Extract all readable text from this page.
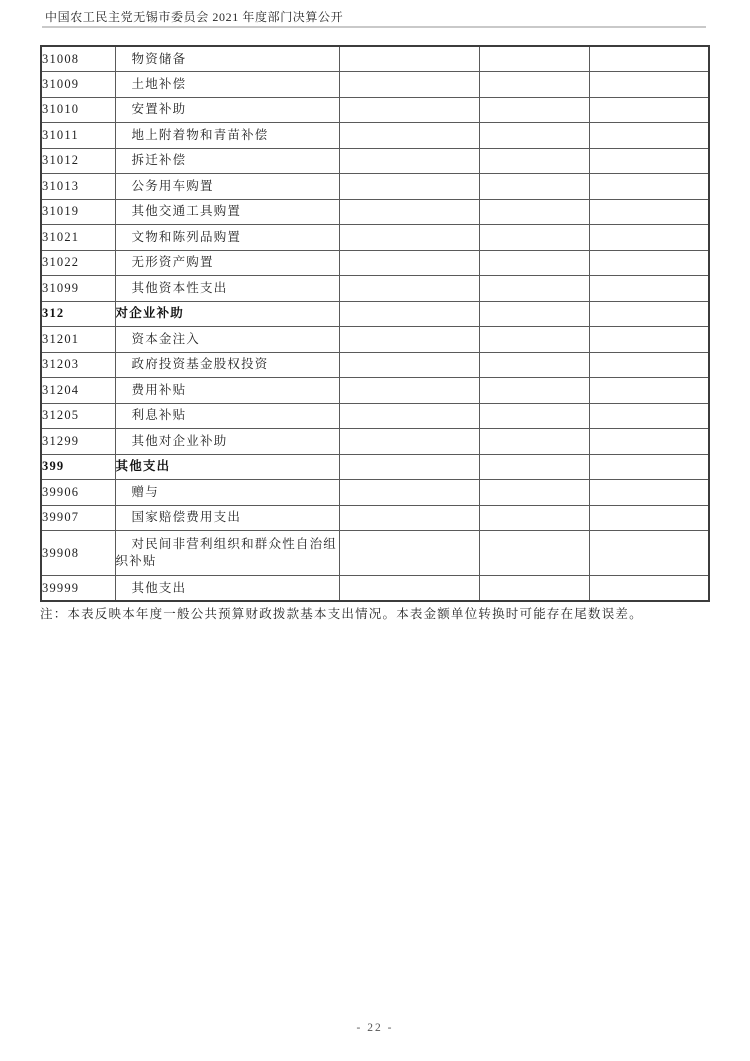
中国农工民主党无锡市委员会 2021 年度部门决算公开
31008	物资储备			
31009	土地补偿			
31010	安置补助			
31011	地上附着物和青苗补偿			
31012	拆迁补偿			
31013	公务用车购置			
31019	其他交通工具购置			
31021	文物和陈列品购置			
31022	无形资产购置			
31099	其他资本性支出			
312	对企业补助			
31201	资本金注入			
31203	政府投资基金股权投资			
31204	费用补贴			
31205	利息补贴			
31299	其他对企业补助			
399	其他支出			
39906	赠与			
39907	国家赔偿费用支出			
39908	对民间非营利组织和群众性自治组织补贴			
39999	其他支出			
注：本表反映本年度一般公共预算财政拨款基本支出情况。本表金额单位转换时可能存在尾数误差。
- 22 -
